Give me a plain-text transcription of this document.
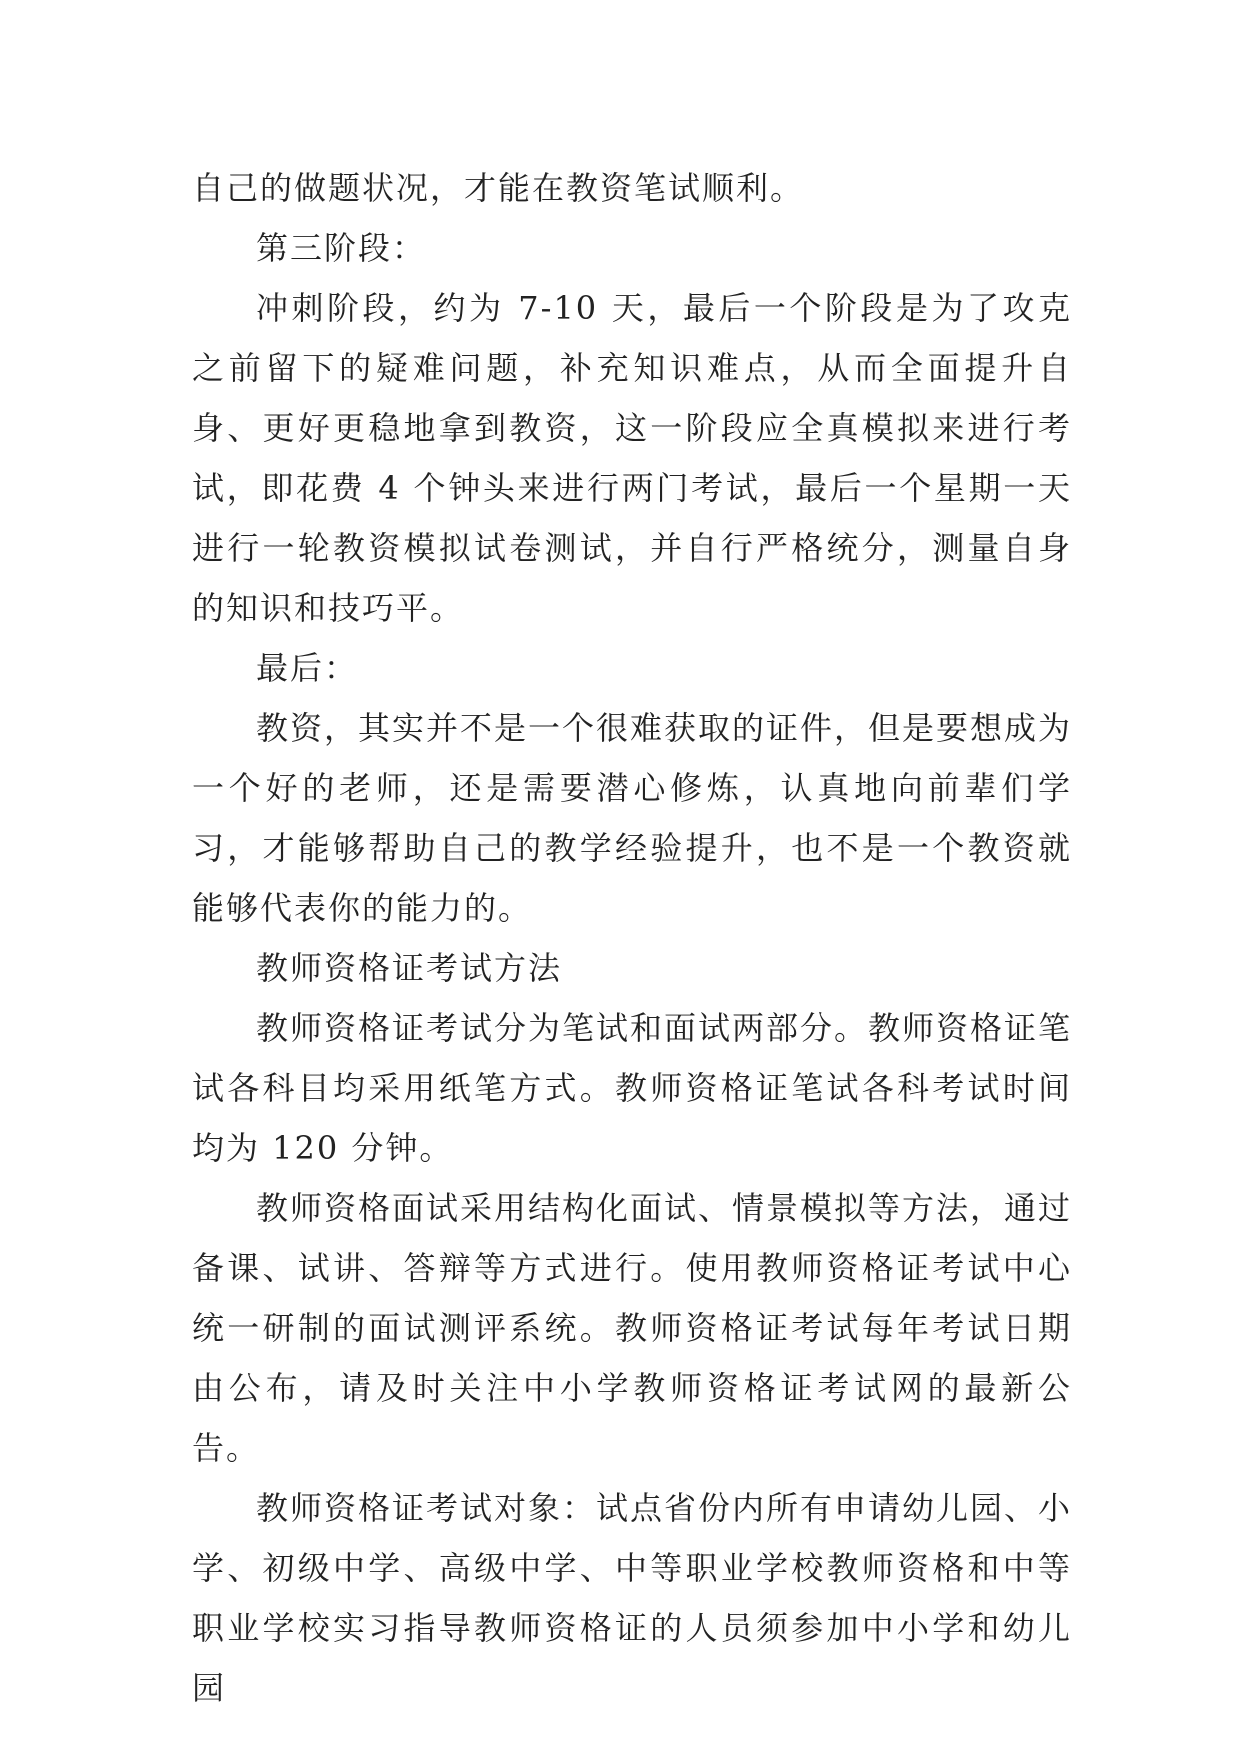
自己的做题状况，才能在教资笔试顺利。

第三阶段：

冲刺阶段，约为 7-10 天，最后一个阶段是为了攻克之前留下的疑难问题，补充知识难点，从而全面提升自身、更好更稳地拿到教资，这一阶段应全真模拟来进行考试，即花费 4 个钟头来进行两门考试，最后一个星期一天进行一轮教资模拟试卷测试，并自行严格统分，测量自身的知识和技巧平。

最后：

教资，其实并不是一个很难获取的证件，但是要想成为一个好的老师，还是需要潜心修炼，认真地向前辈们学习，才能够帮助自己的教学经验提升，也不是一个教资就能够代表你的能力的。

教师资格证考试方法

教师资格证考试分为笔试和面试两部分。教师资格证笔试各科目均采用纸笔方式。教师资格证笔试各科考试时间均为 120 分钟。

教师资格面试采用结构化面试、情景模拟等方法，通过备课、试讲、答辩等方式进行。使用教师资格证考试中心统一研制的面试测评系统。教师资格证考试每年考试日期由公布，请及时关注中小学教师资格证考试网的最新公告。

教师资格证考试对象：试点省份内所有申请幼儿园、小学、初级中学、高级中学、中等职业学校教师资格和中等职业学校实习指导教师资格证的人员须参加中小学和幼儿园
